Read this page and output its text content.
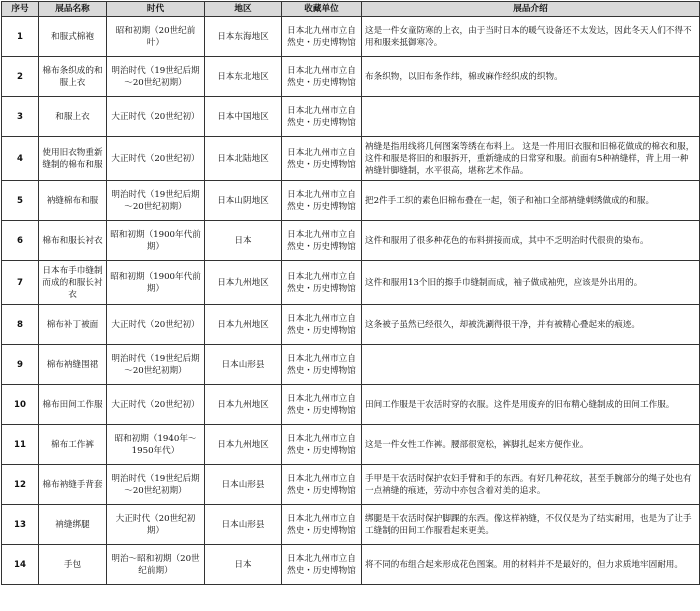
序号	展品名称	时代	地区	收藏单位	展品介绍
1	和服式棉袍	昭和初期（20世纪前叶）	日本东海地区	日本北九州市立自然史・历史博物馆	这是一件女童防寒的上衣，由于当时日本的暖气设备还不太发达，因此冬天人们不得不用和服来抵御寒冷。
2	棉布条织成的和服上衣	明治时代（19世纪后期～20世纪初期）	日本东北地区	日本北九州市立自然史・历史博物馆	布条织物，以旧布条作纬，棉或麻作经织成的织物。
3	和服上衣	大正时代（20世纪初）	日本中国地区	日本北九州市立自然史・历史博物馆	
4	使用旧衣物重新缝制的棉布和服	大正时代（20世纪初）	日本北陆地区	日本北九州市立自然史・历史博物馆	衲缝是指用线将几何图案等绣在布料上。 这是一件用旧衣服和旧棉花做成的棉衣和服，这件和服是将旧的和服拆开，重新缝成的日常穿和服。前面有5种衲缝样，背上用一种衲缝针脚缝制，水平很高，堪称艺术作品。
5	衲缝棉布和服	明治时代（19世纪后期～20世纪初期）	日本山阴地区	日本北九州市立自然史・历史博物馆	把2件手工织的素色旧棉布叠在一起，领子和袖口全部衲缝刺绣做成的和服。
6	棉布和服长衬衣	昭和初期（1900年代前期）	日本	日本北九州市立自然史・历史博物馆	这件和服用了很多种花色的布料拼接而成，其中不乏明治时代很贵的染布。
7	日本布手巾缝制而成的和服长衬衣	昭和初期（1900年代前期）	日本九州地区	日本北九州市立自然史・历史博物馆	这件和服用13个旧的擦手巾缝制而成，袖子做成袖兜，应该是外出用的。
8	棉布补丁被面	大正时代（20世纪初）	日本九州地区	日本北九州市立自然史・历史博物馆	这条被子虽然已经很久，却被洗涮得很干净，并有被精心叠起来的痕迹。
9	棉布衲缝围裙	明治时代（19世纪后期～20世纪初期）	日本山形县	日本北九州市立自然史・历史博物馆	
10	棉布田间工作服	大正时代（20世纪初）	日本九州地区	日本北九州市立自然史・历史博物馆	田间工作服是干农活时穿的衣服。这件是用废弃的旧布精心缝制成的田间工作服。
11	棉布工作裤	昭和初期（1940年～1950年代）	日本九州地区	日本北九州市立自然史・历史博物馆	这是一件女性工作裤。腰部很宽松，裤脚扎起来方便作业。
12	棉布衲缝手背套	明治时代（19世纪后期～20世纪初期）	日本山形县	日本北九州市立自然史・历史博物馆	手甲是干农活时保护农妇手臂和手的东西。有好几种花纹，甚至手腕部分的绳子处也有一点衲缝的痕迹，劳动中亦包含着对美的追求。
13	衲缝绑腿	大正时代（20世纪初期）	日本山形县	日本北九州市立自然史・历史博物馆	绑腿是干农活时保护脚踝的东西。像这样衲缝，不仅仅是为了结实耐用，也是为了让手工缝制的田间工作服看起来更美。
14	手包	明治～昭和初期（20世纪前期）	日本	日本北九州市立自然史・历史博物馆	将不同的布组合起来形成花色图案。用的材料并不是最好的，但力求质地牢固耐用。
